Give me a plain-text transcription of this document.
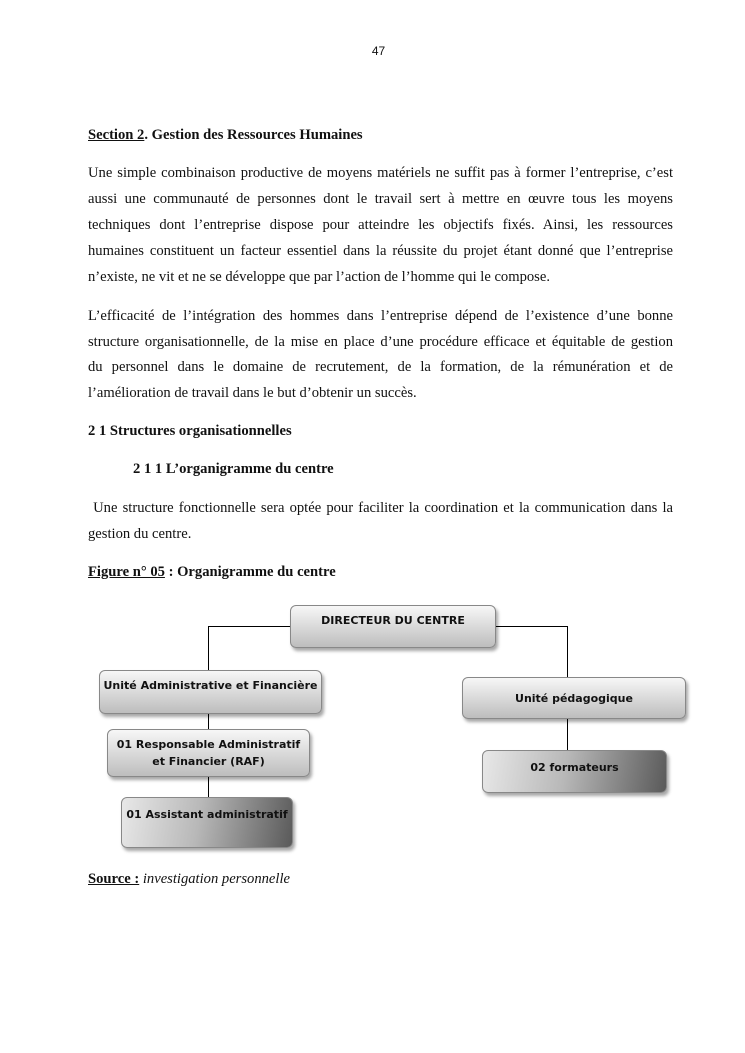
47
Section 2. Gestion des Ressources Humaines
Une simple combinaison productive de moyens matériels ne suffit pas à former l’entreprise, c’est
aussi une communauté de personnes dont le travail sert à mettre en œuvre tous les moyens
techniques dont l’entreprise dispose pour atteindre les objectifs fixés. Ainsi, les ressources
humaines constituent un facteur essentiel dans la réussite du projet étant donné que l’entreprise
n’existe, ne vit et ne se développe que par l’action de l’homme qui le compose.
L’efficacité de l’intégration des hommes dans l’entreprise dépend de l’existence d’une bonne
structure organisationnelle, de la mise en place d’une procédure efficace et équitable de gestion
du personnel dans le domaine de recrutement, de la formation, de la rémunération et de
l’amélioration de travail dans le but d’obtenir un succès.
2 1 Structures organisationnelles
2 1 1 L’organigramme du centre
Une structure fonctionnelle sera optée pour faciliter la coordination et la communication dans la
gestion du centre.
Figure n° 05 : Organigramme du centre
DIRECTEUR DU CENTRE
Unité Administrative et Financière
Unité pédagogique
01 Responsable Administratif
et Financier (RAF)	02 formateurs
01 Assistant administratif
Source : investigation personnelle
